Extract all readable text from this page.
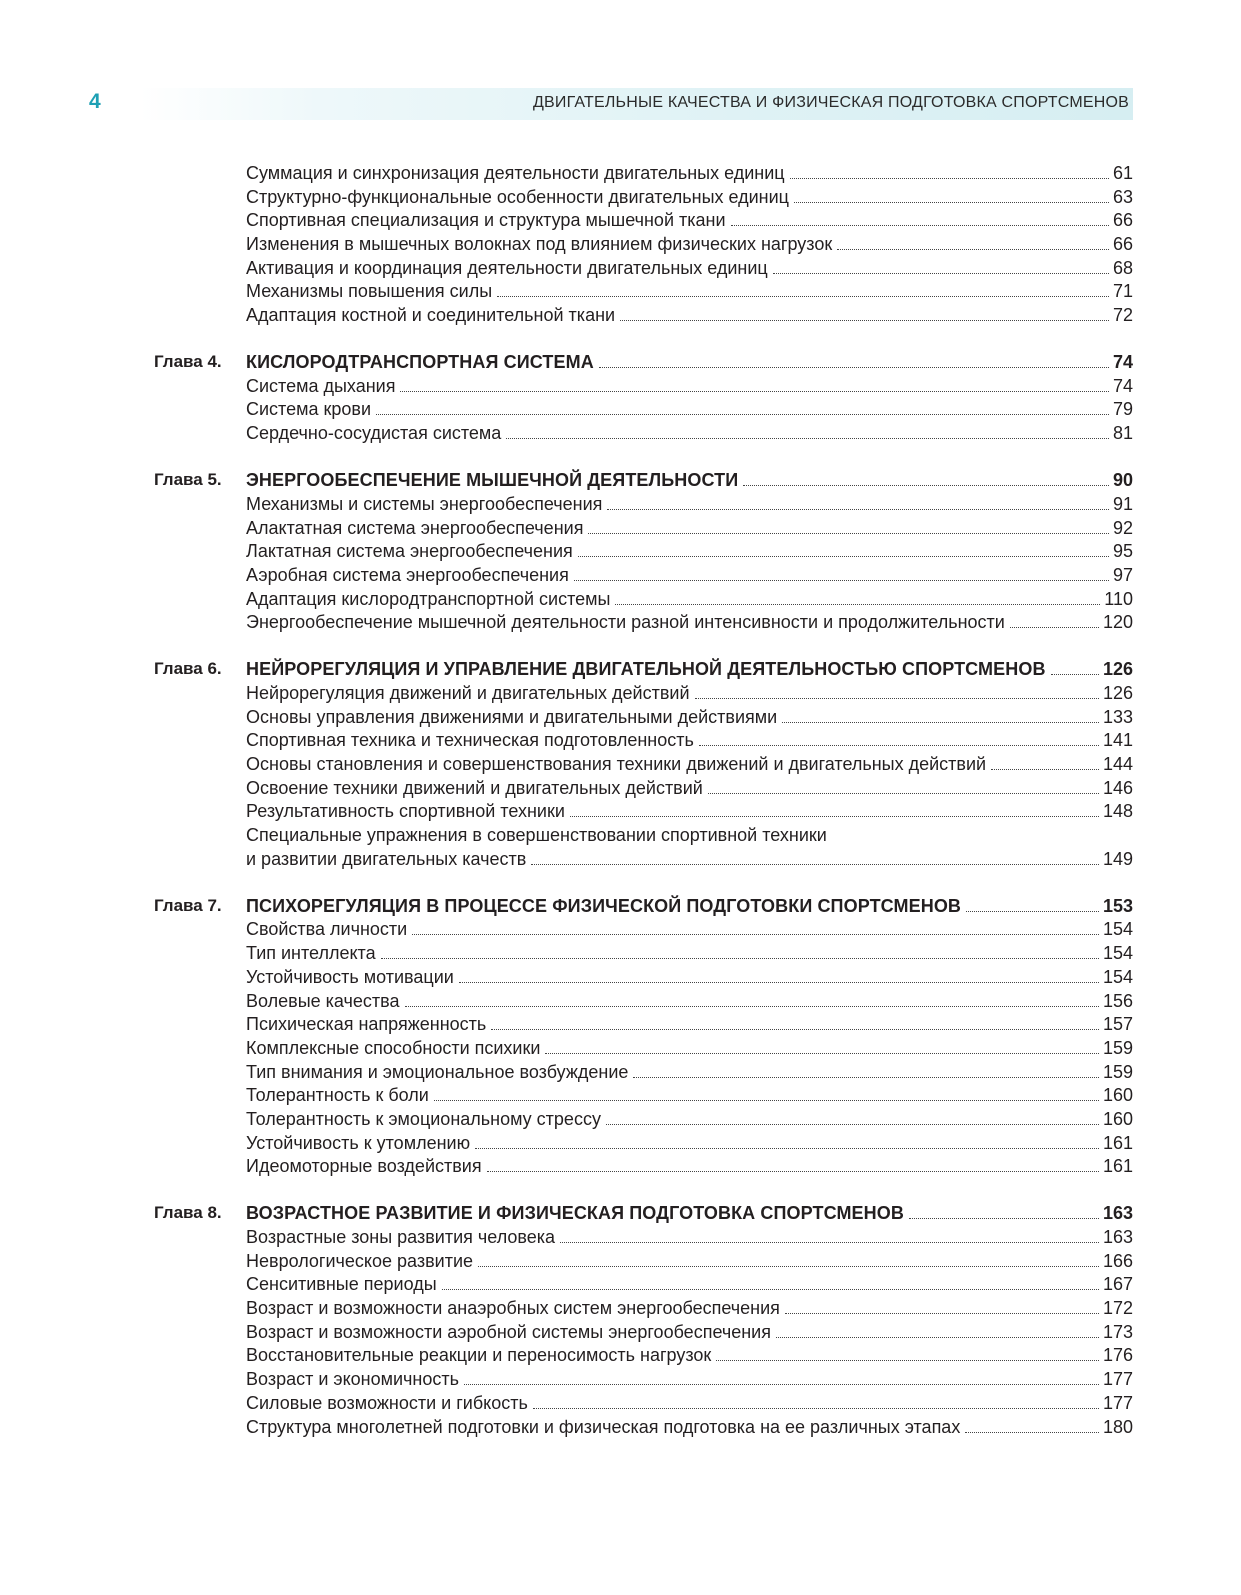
4	ДВИГАТЕЛЬНЫЕ КАЧЕСТВА И ФИЗИЧЕСКАЯ ПОДГОТОВКА СПОРТСМЕНОВ
Суммация и синхронизация деятельности двигательных единиц	61
Структурно-функциональные особенности двигательных единиц	63
Спортивная специализация и структура мышечной ткани	66
Изменения в мышечных волокнах под влиянием физических нагрузок	66
Активация и координация деятельности двигательных единиц	68
Механизмы повышения силы	71
Адаптация костной и соединительной ткани	72
Глава 4. КИСЛОРОДТРАНСПОРТНАЯ СИСТЕМА	74
Система дыхания	74
Система крови	79
Сердечно-сосудистая система	81
Глава 5. ЭНЕРГООБЕСПЕЧЕНИЕ МЫШЕЧНОЙ ДЕЯТЕЛЬНОСТИ	90
Механизмы и системы энергообеспечения	91
Алактатная система энергообеспечения	92
Лактатная система энергообеспечения	95
Аэробная система энергообеспечения	97
Адаптация кислородтранспортной системы	110
Энергообеспечение мышечной деятельности разной интенсивности и продолжительности	120
Глава 6. НЕЙРОРЕГУЛЯЦИЯ И УПРАВЛЕНИЕ ДВИГАТЕЛЬНОЙ ДЕЯТЕЛЬНОСТЬЮ СПОРТСМЕНОВ	126
Нейрорегуляция движений и двигательных действий	126
Основы управления движениями и двигательными действиями	133
Спортивная техника и техническая подготовленность	141
Основы становления и совершенствования техники движений и двигательных действий	144
Освоение техники движений и двигательных действий	146
Результативность спортивной техники	148
Специальные упражнения в совершенствовании спортивной техники
и развитии двигательных качеств	149
Глава 7. ПСИХОРЕГУЛЯЦИЯ В ПРОЦЕССЕ ФИЗИЧЕСКОЙ ПОДГОТОВКИ СПОРТСМЕНОВ	153
Свойства личности	154
Тип интеллекта	154
Устойчивость мотивации	154
Волевые качества	156
Психическая напряженность	157
Комплексные способности психики	159
Тип внимания и эмоциональное возбуждение	159
Толерантность к боли	160
Толерантность к эмоциональному стрессу	160
Устойчивость к утомлению	161
Идеомоторные воздействия	161
Глава 8. ВОЗРАСТНОЕ РАЗВИТИЕ И ФИЗИЧЕСКАЯ ПОДГОТОВКА СПОРТСМЕНОВ	163
Возрастные зоны развития человека	163
Неврологическое развитие	166
Сенситивные периоды	167
Возраст и возможности анаэробных систем энергообеспечения	172
Возраст и возможности аэробной системы энергообеспечения	173
Восстановительные реакции и переносимость нагрузок	176
Возраст и экономичность	177
Силовые возможности и гибкость	177
Структура многолетней подготовки и физическая подготовка на ее различных этапах	180
